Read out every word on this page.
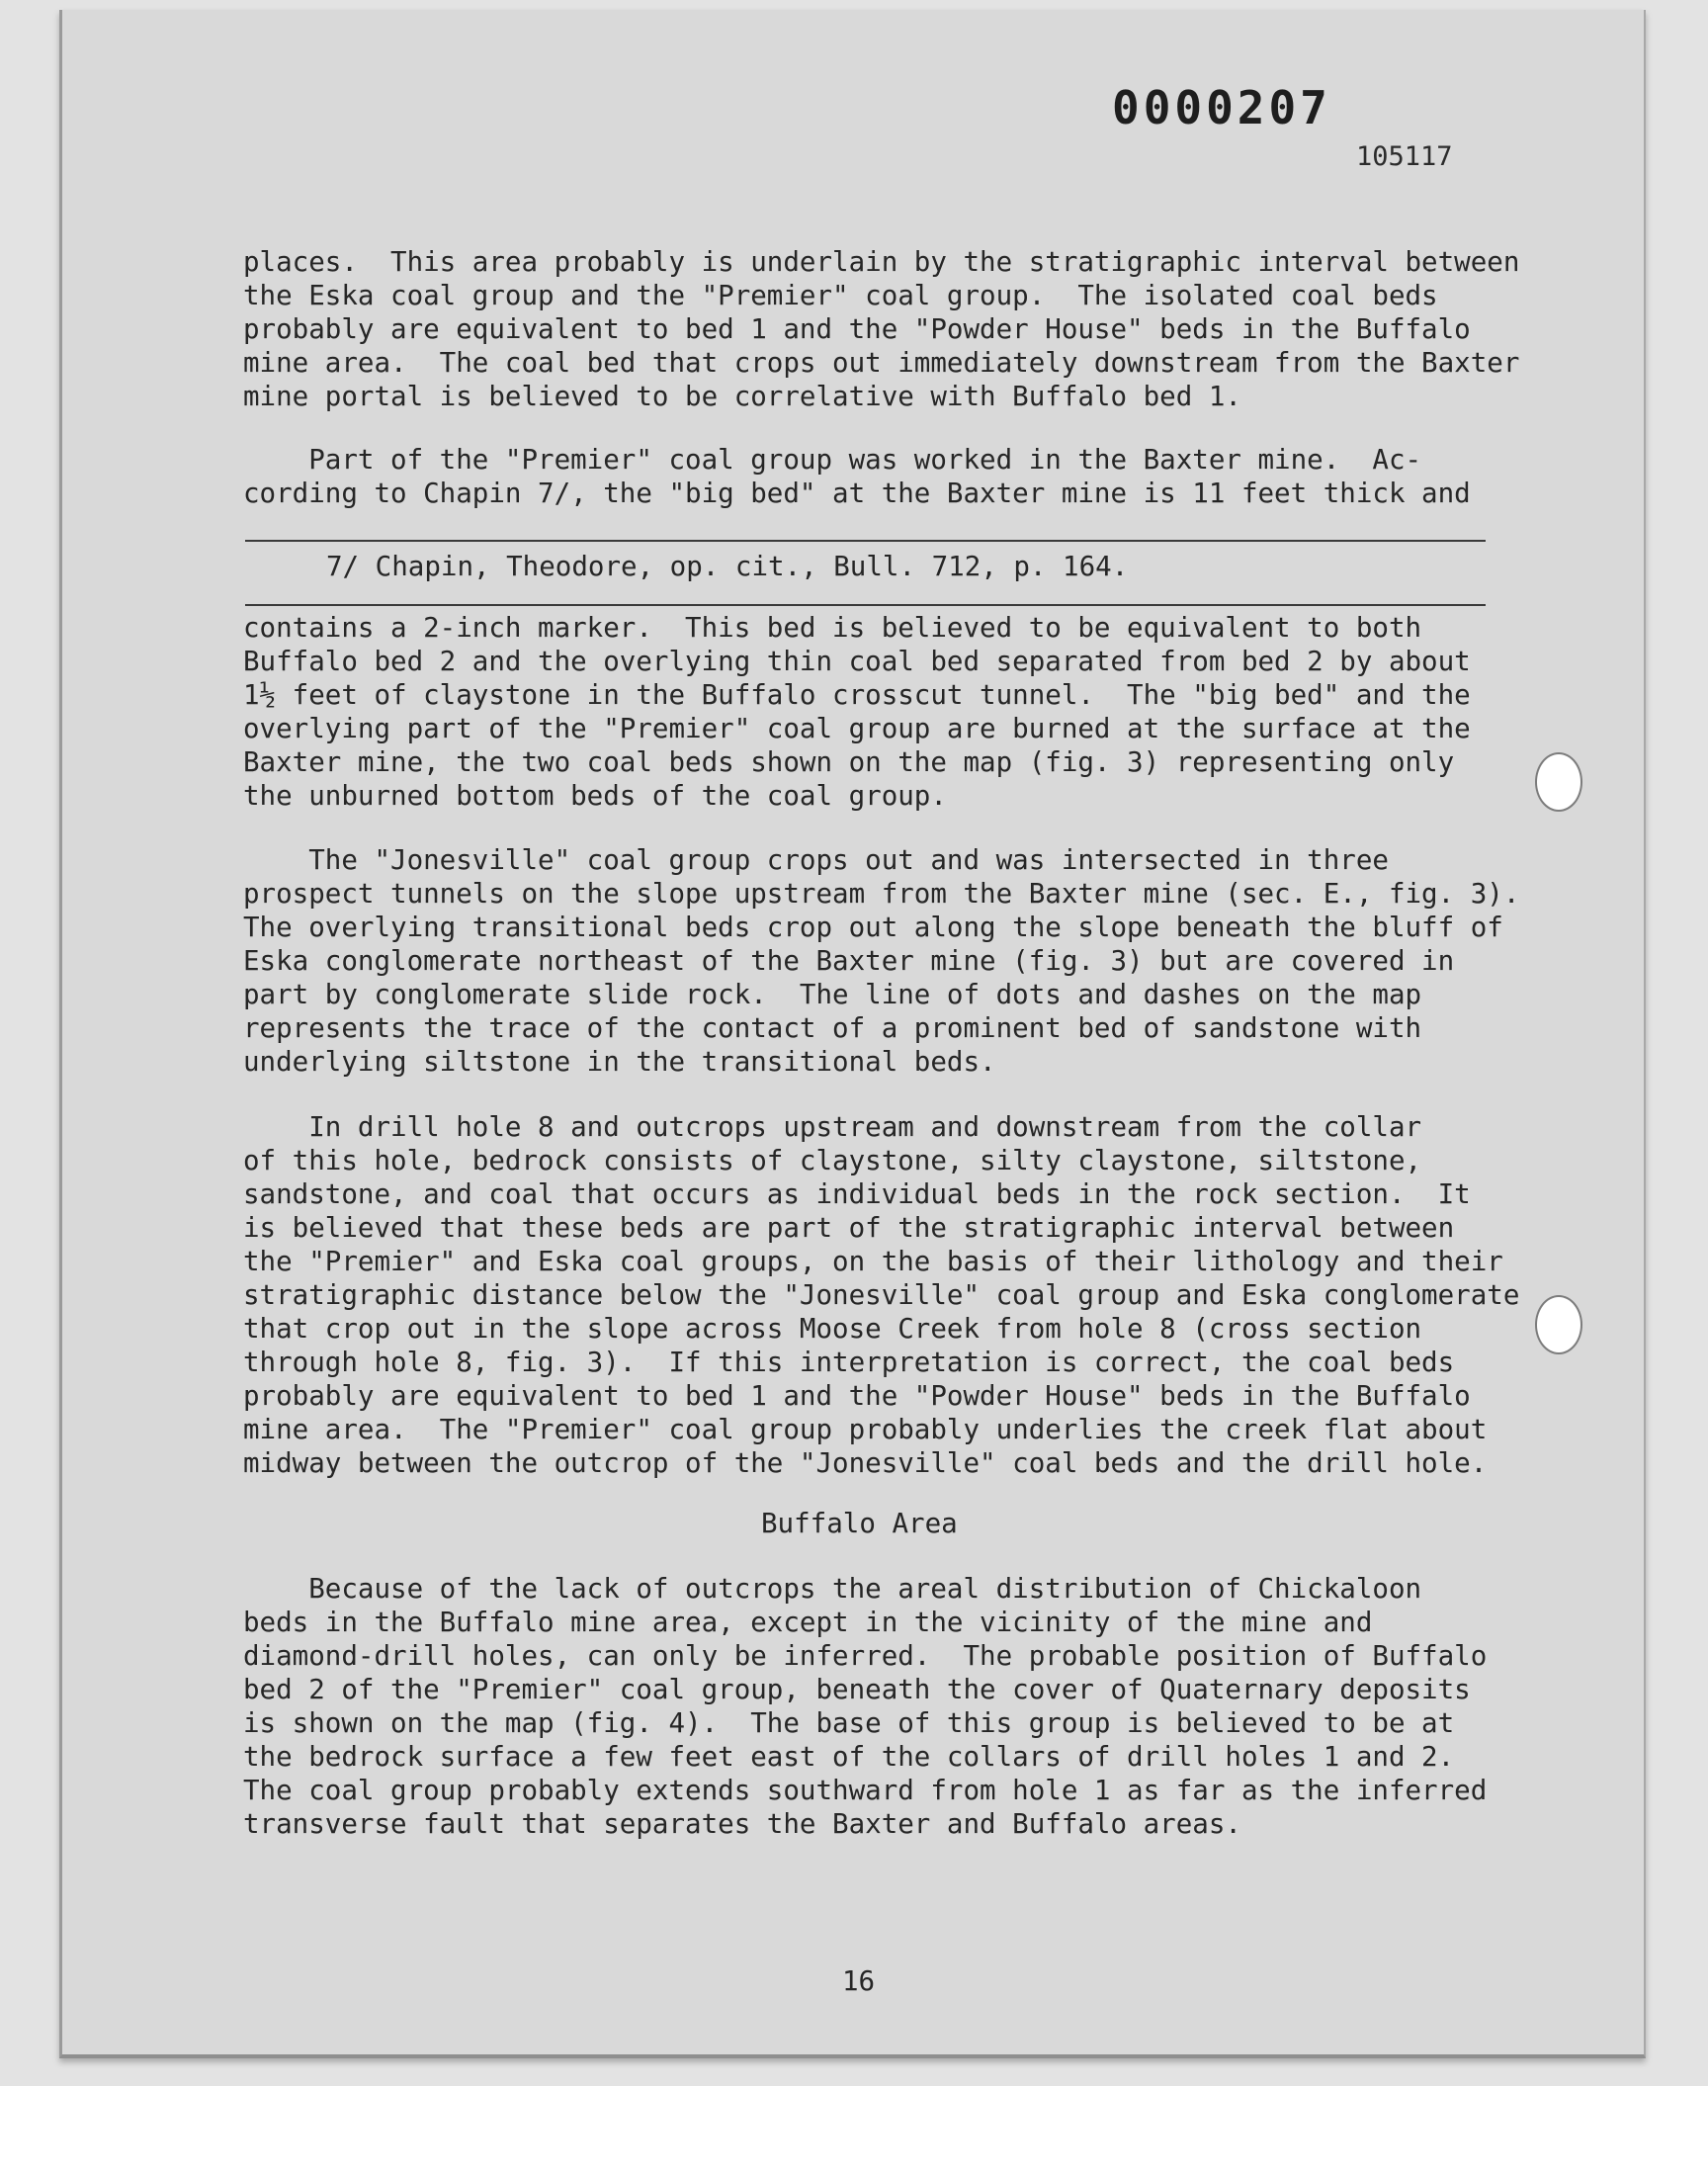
0000207
105117
places.  This area probably is underlain by the stratigraphic interval between
the Eska coal group and the "Premier" coal group.  The isolated coal beds
probably are equivalent to bed 1 and the "Powder House" beds in the Buffalo
mine area.  The coal bed that crops out immediately downstream from the Baxter
mine portal is believed to be correlative with Buffalo bed 1.
Part of the "Premier" coal group was worked in the Baxter mine.  Ac-
cording to Chapin 7/, the "big bed" at the Baxter mine is 11 feet thick and
7/ Chapin, Theodore, op. cit., Bull. 712, p. 164.
contains a 2-inch marker.  This bed is believed to be equivalent to both
Buffalo bed 2 and the overlying thin coal bed separated from bed 2 by about
1½ feet of claystone in the Buffalo crosscut tunnel.  The "big bed" and the
overlying part of the "Premier" coal group are burned at the surface at the
Baxter mine, the two coal beds shown on the map (fig. 3) representing only
the unburned bottom beds of the coal group.
The "Jonesville" coal group crops out and was intersected in three
prospect tunnels on the slope upstream from the Baxter mine (sec. E., fig. 3).
The overlying transitional beds crop out along the slope beneath the bluff of
Eska conglomerate northeast of the Baxter mine (fig. 3) but are covered in
part by conglomerate slide rock.  The line of dots and dashes on the map
represents the trace of the contact of a prominent bed of sandstone with
underlying siltstone in the transitional beds.
In drill hole 8 and outcrops upstream and downstream from the collar
of this hole, bedrock consists of claystone, silty claystone, siltstone,
sandstone, and coal that occurs as individual beds in the rock section.  It
is believed that these beds are part of the stratigraphic interval between
the "Premier" and Eska coal groups, on the basis of their lithology and their
stratigraphic distance below the "Jonesville" coal group and Eska conglomerate
that crop out in the slope across Moose Creek from hole 8 (cross section
through hole 8, fig. 3).  If this interpretation is correct, the coal beds
probably are equivalent to bed 1 and the "Powder House" beds in the Buffalo
mine area.  The "Premier" coal group probably underlies the creek flat about
midway between the outcrop of the "Jonesville" coal beds and the drill hole.
Buffalo Area
Because of the lack of outcrops the areal distribution of Chickaloon
beds in the Buffalo mine area, except in the vicinity of the mine and
diamond-drill holes, can only be inferred.  The probable position of Buffalo
bed 2 of the "Premier" coal group, beneath the cover of Quaternary deposits
is shown on the map (fig. 4).  The base of this group is believed to be at
the bedrock surface a few feet east of the collars of drill holes 1 and 2.
The coal group probably extends southward from hole 1 as far as the inferred
transverse fault that separates the Baxter and Buffalo areas.
16
